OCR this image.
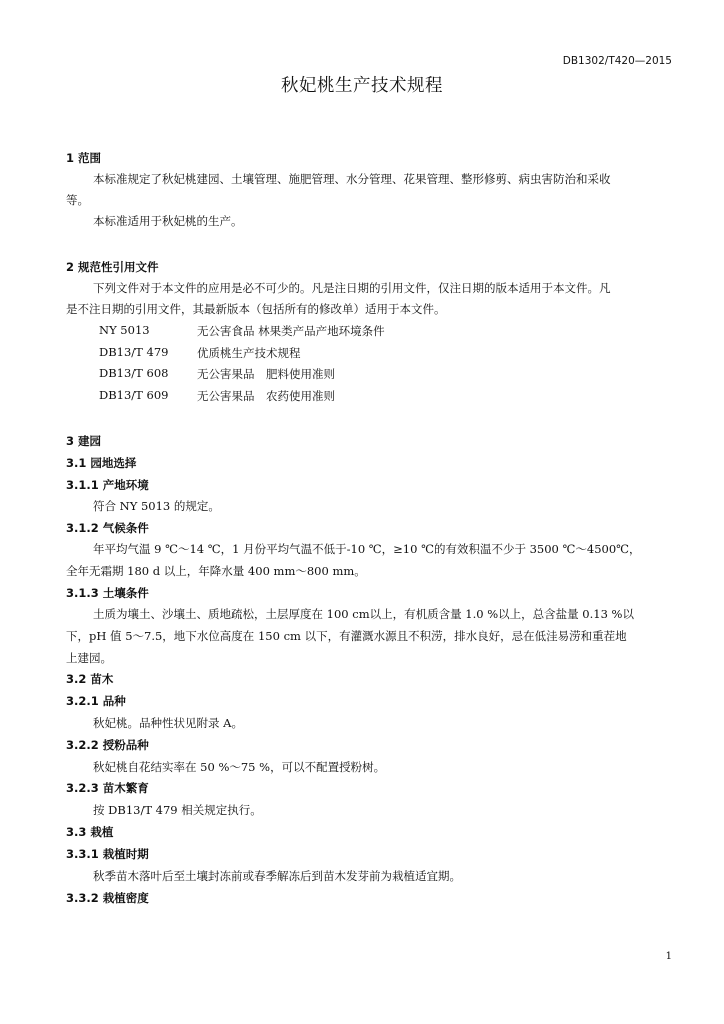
DB1302/T420—2015
秋妃桃生产技术规程
1 范围
本标准规定了秋妃桃建园、土壤管理、施肥管理、水分管理、花果管理、整形修剪、病虫害防治和采收
等。
本标准适用于秋妃桃的生产。
2 规范性引用文件
下列文件对于本文件的应用是必不可少的。凡是注日期的引用文件，仅注日期的版本适用于本文件。凡
是不注日期的引用文件，其最新版本（包括所有的修改单）适用于本文件。
NY 5013	无公害食品 林果类产品产地环境条件
DB13/T 479 优质桃生产技术规程
DB13/T 608 无公害果品　肥料使用准则
DB13/T 609 无公害果品　农药使用准则
3 建园
3.1 园地选择
3.1.1 产地环境
符合 NY 5013 的规定。
3.1.2 气候条件
年平均气温 9 ℃～14 ℃，1 月份平均气温不低于-10 ℃，≥10 ℃的有效积温不少于 3500 ℃～4500℃，
全年无霜期 180 d 以上，年降水量 400 mm～800 mm。
3.1.3 土壤条件
土质为壤土、沙壤土、质地疏松，土层厚度在 100 cm以上，有机质含量 1.0 %以上，总含盐量 0.13 %以
下，pH 值 5～7.5，地下水位高度在 150 cm 以下，有灌溉水源且不积涝，排水良好，忌在低洼易涝和重茬地
上建园。
3.2 苗木
3.2.1 品种
秋妃桃。品种性状见附录 A。
3.2.2 授粉品种
秋妃桃自花结实率在 50 %～75 %，可以不配置授粉树。
3.2.3 苗木繁育
按 DB13/T 479 相关规定执行。
3.3 栽植
3.3.1 栽植时期
秋季苗木落叶后至土壤封冻前或春季解冻后到苗木发芽前为栽植适宜期。
3.3.2 栽植密度
1
